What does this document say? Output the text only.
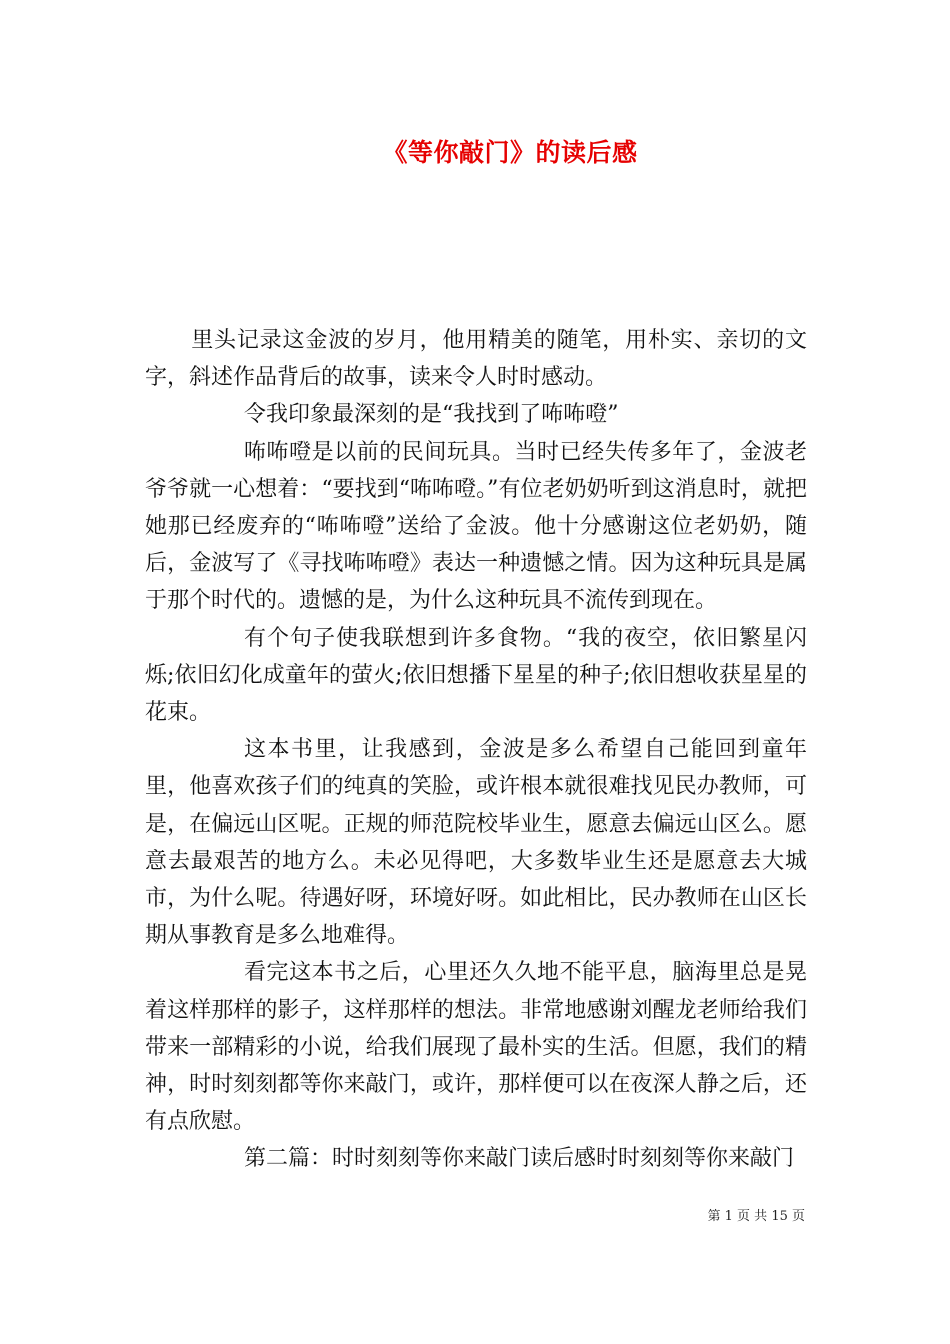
《等你敲门》的读后感

里头记录这金波的岁月，他用精美的随笔，用朴实、亲切的文字，斜述作品背后的故事，读来令人时时感动。

令我印象最深刻的是“我找到了咘咘噔”

咘咘噔是以前的民间玩具。当时已经失传多年了，金波老爷爷就一心想着：“要找到“咘咘噔。”有位老奶奶听到这消息时，就把她那已经废弃的“咘咘噔”送给了金波。他十分感谢这位老奶奶，随后，金波写了《寻找咘咘噔》表达一种遗憾之情。因为这种玩具是属于那个时代的。遗憾的是，为什么这种玩具不流传到现在。

有个句子使我联想到许多食物。“我的夜空，依旧繁星闪烁;依旧幻化成童年的萤火;依旧想播下星星的种子;依旧想收获星星的花束。

这本书里，让我感到，金波是多么希望自己能回到童年里，他喜欢孩子们的纯真的笑脸，或许根本就很难找见民办教师，可是，在偏远山区呢。正规的师范院校毕业生，愿意去偏远山区么。愿意去最艰苦的地方么。未必见得吧，大多数毕业生还是愿意去大城市，为什么呢。待遇好呀，环境好呀。如此相比，民办教师在山区长期从事教育是多么地难得。

看完这本书之后，心里还久久地不能平息，脑海里总是晃着这样那样的影子，这样那样的想法。非常地感谢刘醒龙老师给我们带来一部精彩的小说，给我们展现了最朴实的生活。但愿，我们的精神，时时刻刻都等你来敲门，或许，那样便可以在夜深人静之后，还有点欣慰。

第二篇：时时刻刻等你来敲门读后感时时刻刻等你来敲门

第 1 页 共 15 页
